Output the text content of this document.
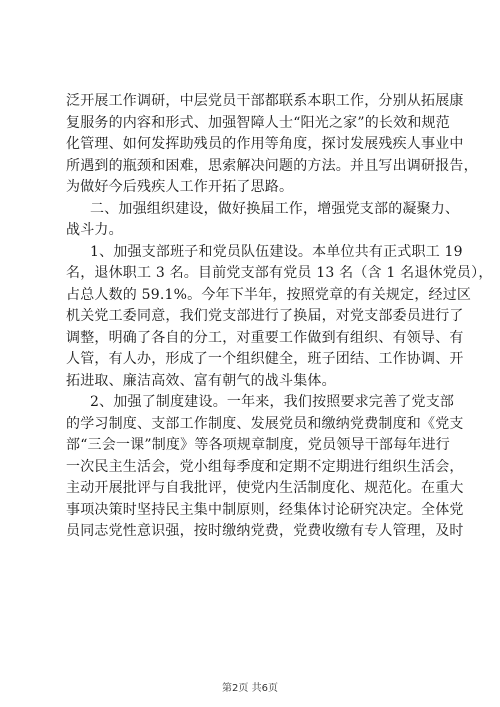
泛开展工作调研，中层党员干部都联系本职工作，分别从拓展康
复服务的内容和形式、加强智障人士“阳光之家”的长效和规范
化管理、如何发挥助残员的作用等角度，探讨发展残疾人事业中
所遇到的瓶颈和困难，思索解决问题的方法。并且写出调研报告，
为做好今后残疾人工作开拓了思路。
二、加强组织建设，做好换届工作，增强党支部的凝聚力、
战斗力。
1、加强支部班子和党员队伍建设。本单位共有正式职工 19
名，退休职工 3 名。目前党支部有党员 13 名（含 1 名退休党员），
占总人数的 59.1%。今年下半年，按照党章的有关规定，经过区
机关党工委同意，我们党支部进行了换届，对党支部委员进行了
调整，明确了各自的分工，对重要工作做到有组织、有领导、有
人管，有人办，形成了一个组织健全，班子团结、工作协调、开
拓进取、廉洁高效、富有朝气的战斗集体。
2、加强了制度建设。一年来，我们按照要求完善了党支部
的学习制度、支部工作制度、发展党员和缴纳党费制度和《党支
部“三会一课”制度》等各项规章制度，党员领导干部每年进行
一次民主生活会，党小组每季度和定期不定期进行组织生活会，
主动开展批评与自我批评，使党内生活制度化、规范化。在重大
事项决策时坚持民主集中制原则，经集体讨论研究决定。全体党
员同志党性意识强，按时缴纳党费，党费收缴有专人管理，及时
第2页 共6页
